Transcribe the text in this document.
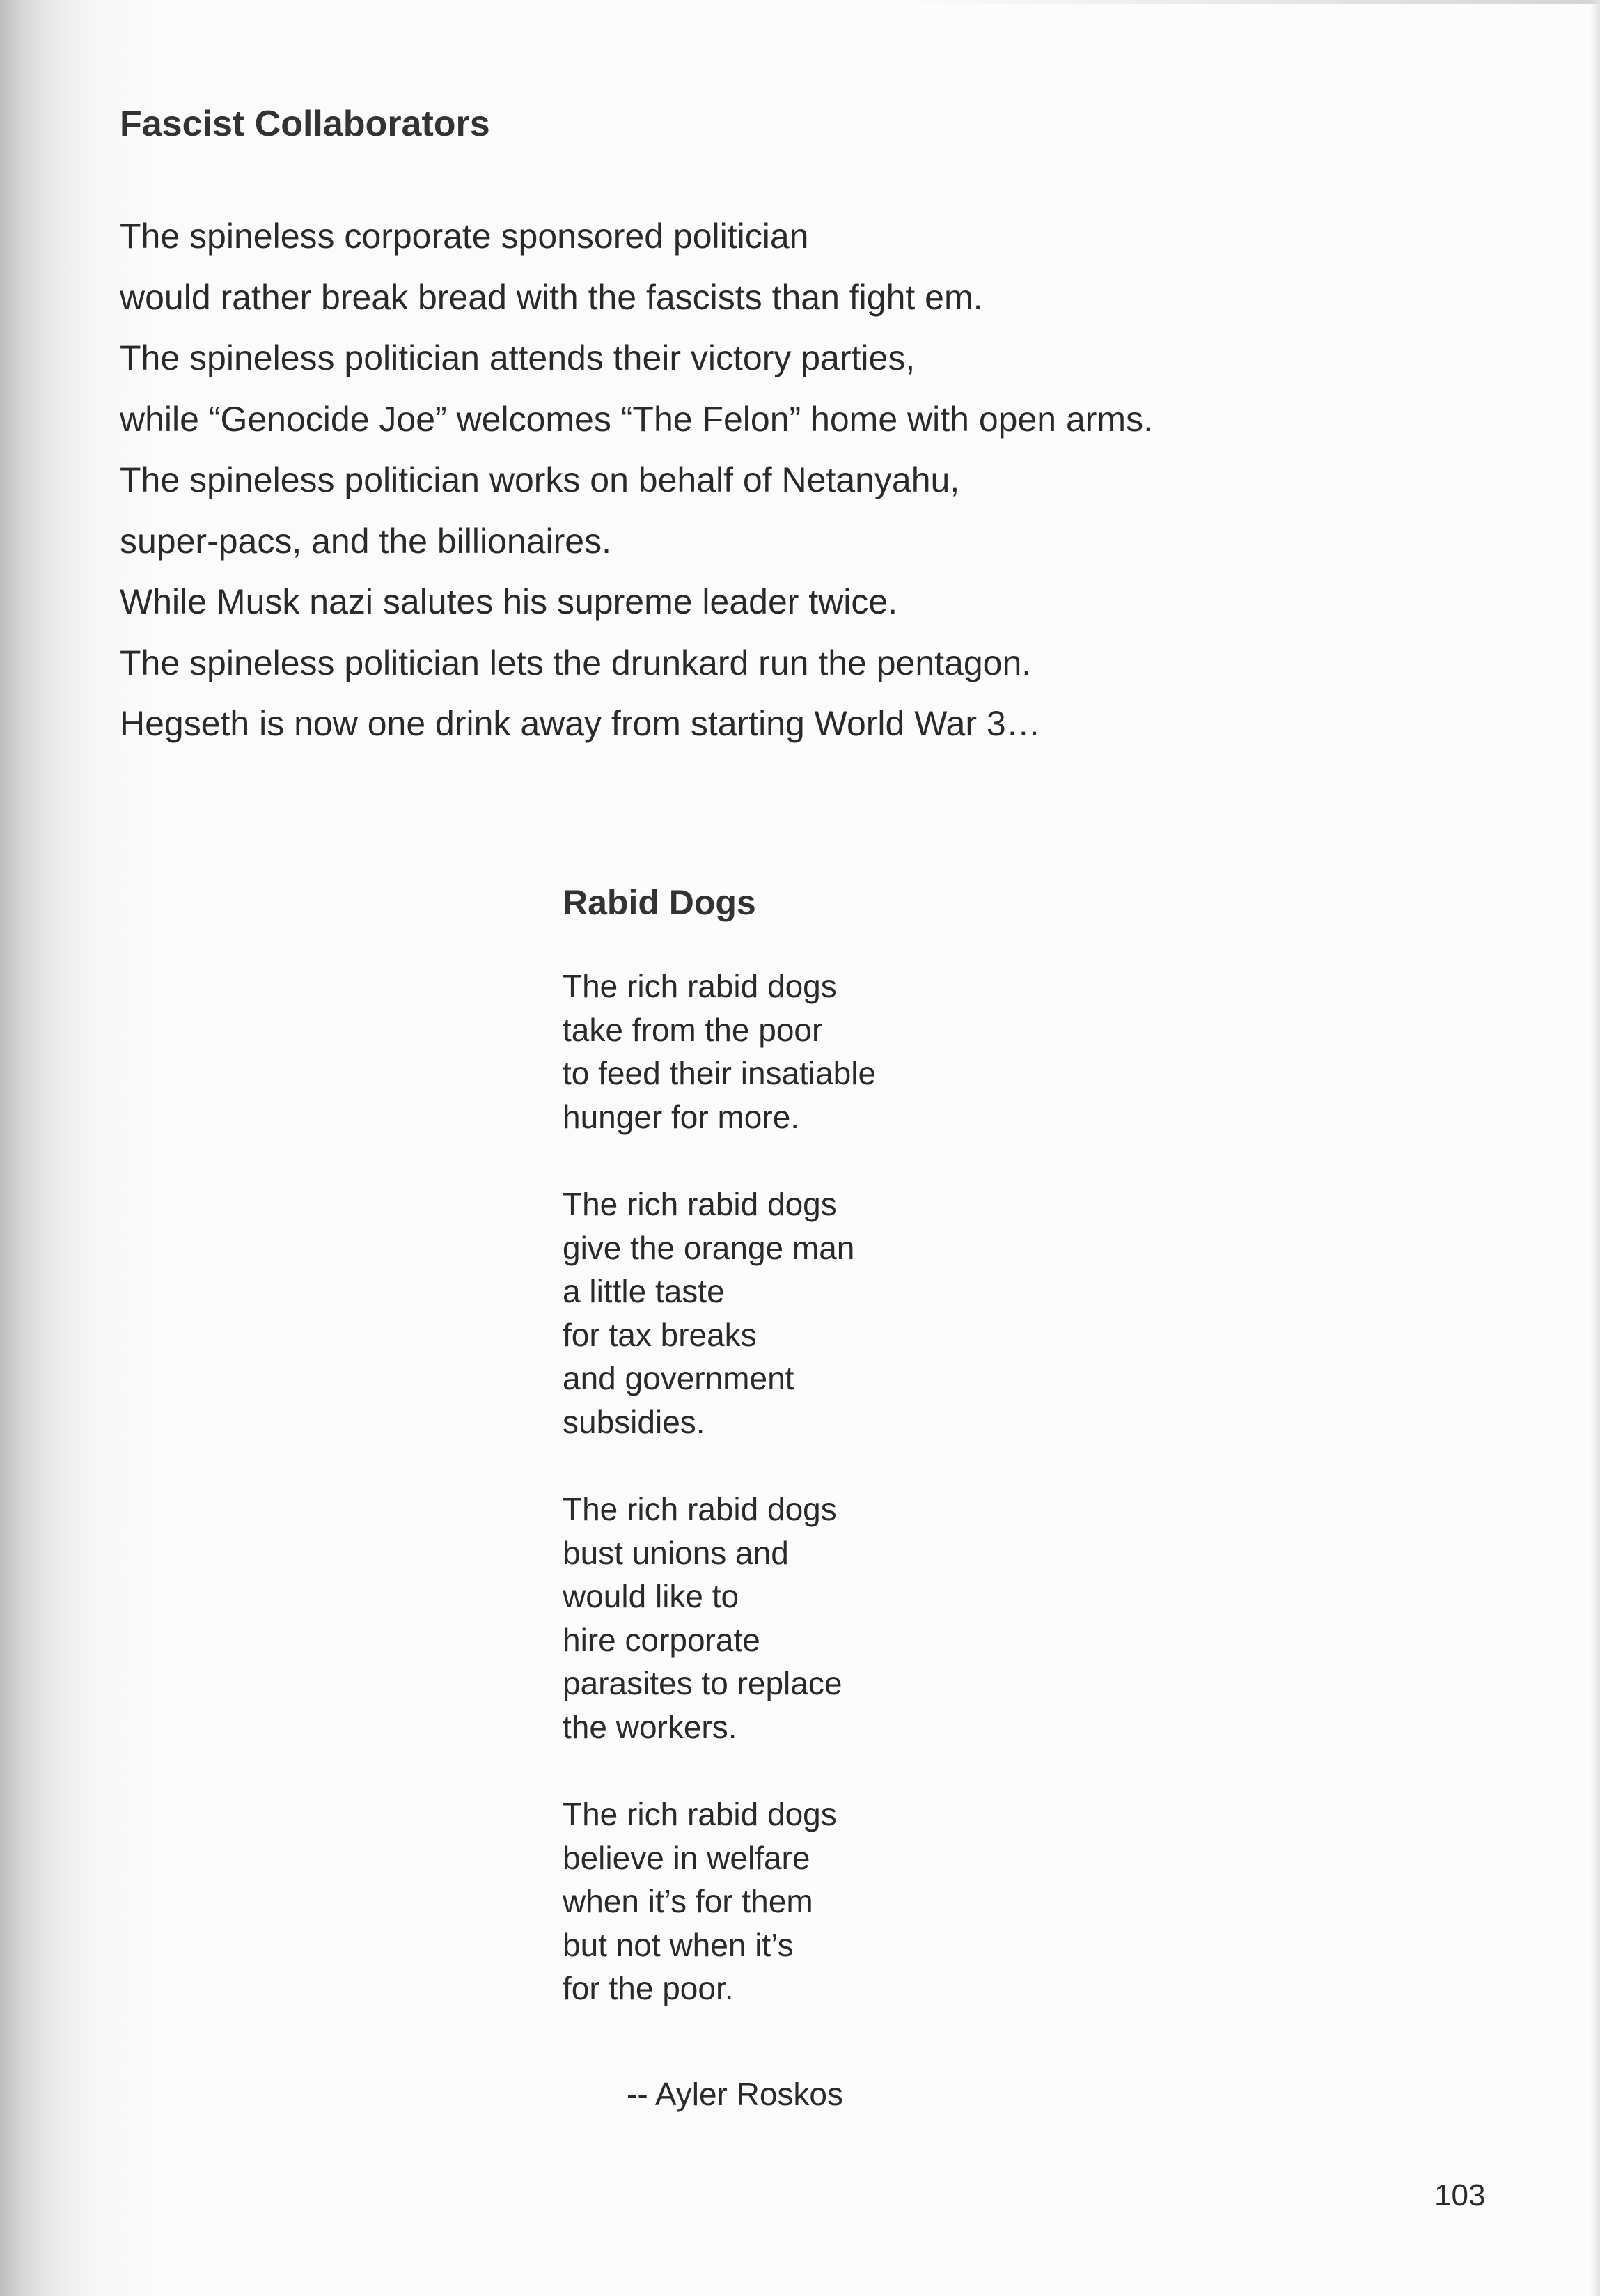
Fascist Collaborators
The spineless corporate sponsored politician
would rather break bread with the fascists than fight em.
The spineless politician attends their victory parties,
while “Genocide Joe” welcomes “The Felon” home with open arms.
The spineless politician works on behalf of Netanyahu,
super-pacs, and the billionaires.
While Musk nazi salutes his supreme leader twice.
The spineless politician lets the drunkard run the pentagon.
Hegseth is now one drink away from starting World War 3…
Rabid Dogs
The rich rabid dogs
take from the poor
to feed their insatiable
hunger for more.
The rich rabid dogs
give the orange man
a little taste
for tax breaks
and government
subsidies.
The rich rabid dogs
bust unions and
would like to
hire corporate
parasites to replace
the workers.
The rich rabid dogs
believe in welfare
when it’s for them
but not when it’s
for the poor.
-- Ayler Roskos
103
